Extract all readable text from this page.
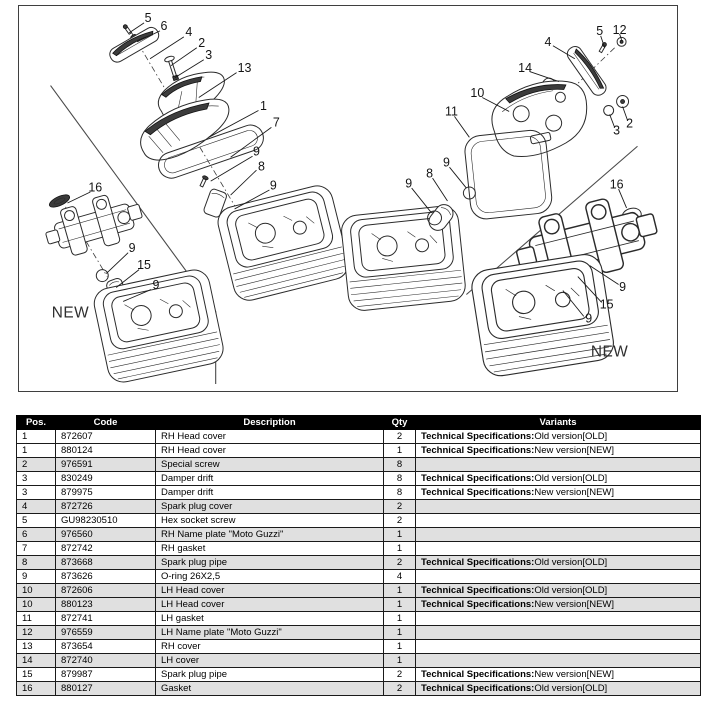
NEW
NEW
5
6 4
2
3
13
1
7
9
8
9
16
9
15
9
9
8
9
4
5 12
14
10
11
2
3
16
9
15
9
Pos.	Code	Description	Qty	Variants
1	872607	RH Head cover	2	Technical Specifications:Old version[OLD]
1	880124	RH Head cover	1	Technical Specifications:New version[NEW]
2	976591	Special screw	8	
3	830249	Damper drift	8	Technical Specifications:Old version[OLD]
3	879975	Damper drift	8	Technical Specifications:New version[NEW]
4	872726	Spark plug cover	2	
5	GU98230510	Hex socket screw	2	
6	976560	RH Name plate "Moto Guzzi"	1	
7	872742	RH gasket	1	
8	873668	Spark plug pipe	2	Technical Specifications:Old version[OLD]
9	873626	O-ring 26X2,5	4	
10	872606	LH Head cover	1	Technical Specifications:Old version[OLD]
10	880123	LH Head cover	1	Technical Specifications:New version[NEW]
11	872741	LH gasket	1	
12	976559	LH Name plate "Moto Guzzi"	1	
13	873654	RH cover	1	
14	872740	LH cover	1	
15	879987	Spark plug pipe	2	Technical Specifications:New version[NEW]
16	880127	Gasket	2	Technical Specifications:Old version[OLD]
